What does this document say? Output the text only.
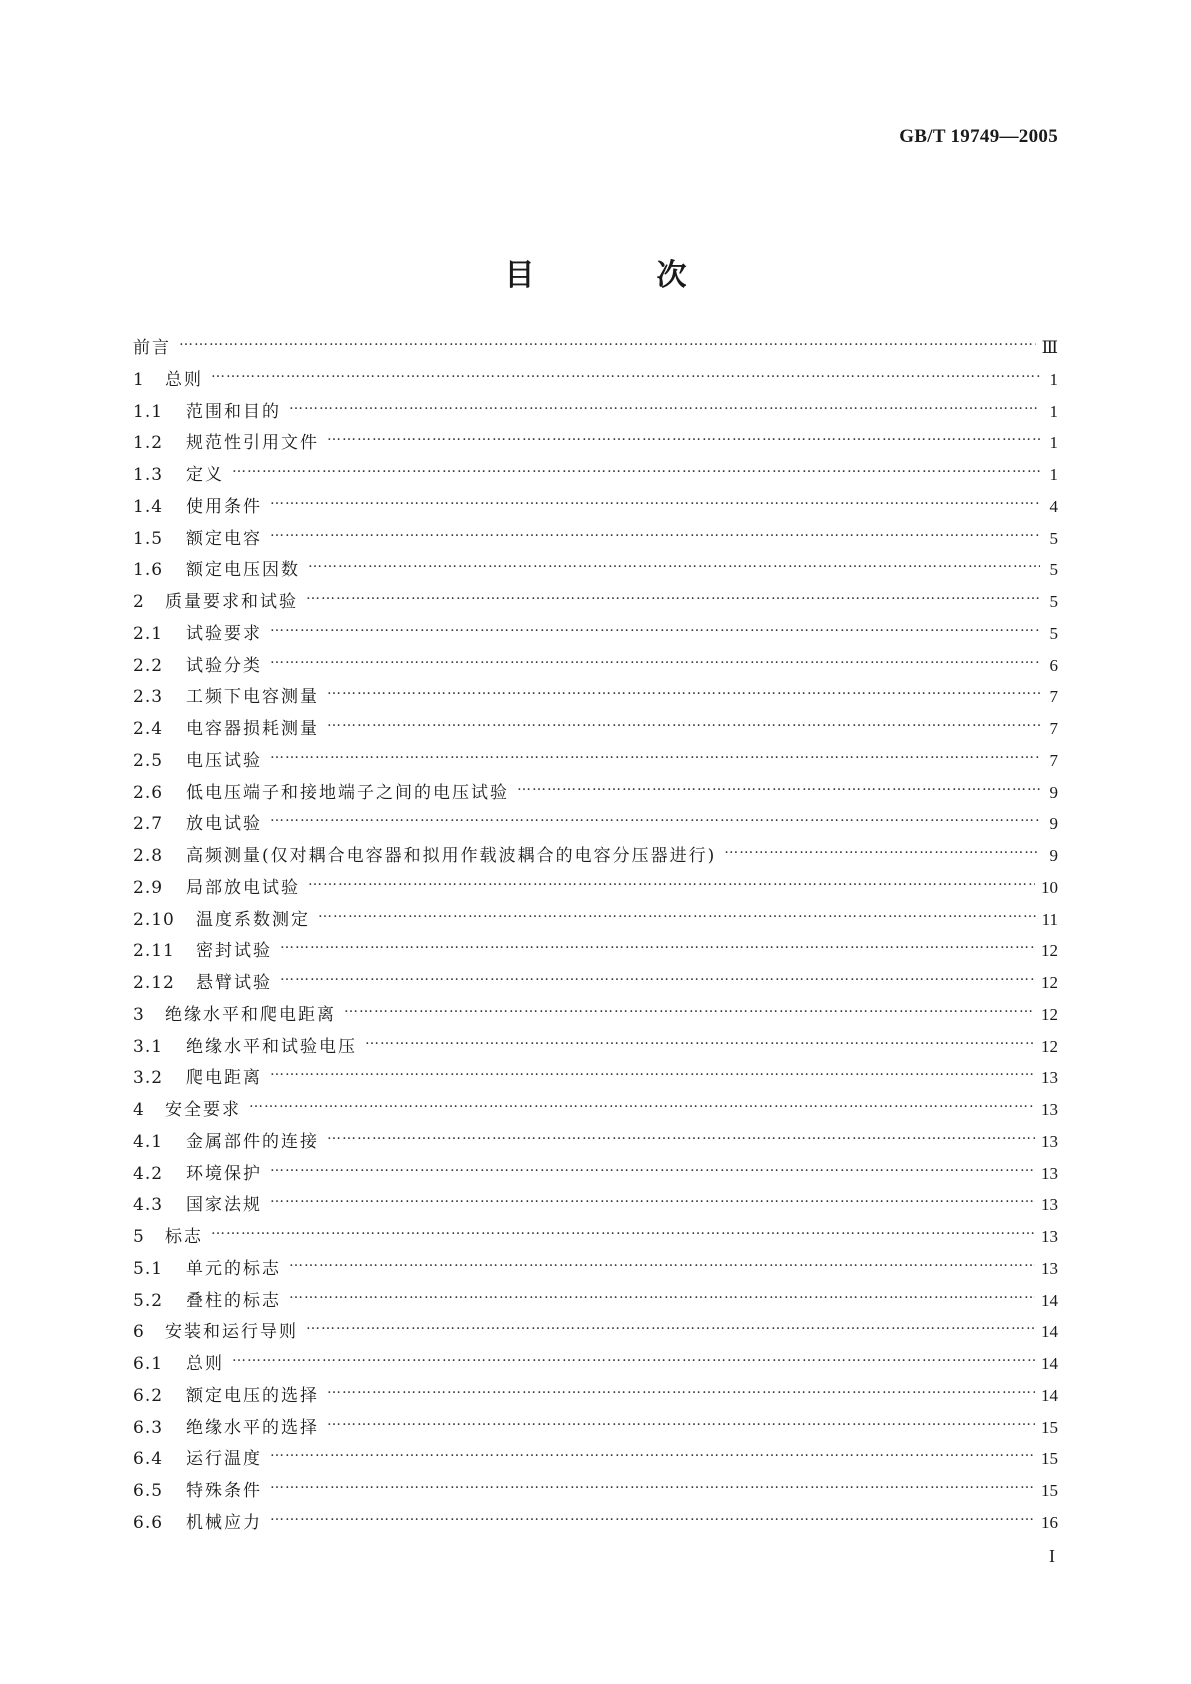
GB/T 19749—2005
目　次
前言 ……………………………………………………………………………………………………………………………………………………………………………………………………………………………………	Ⅲ
1	总则 ……………………………………………………………………………………………………………………………………………………………………………………………………………………………………	1
1.1	范围和目的 ……………………………………………………………………………………………………………………………………………………………………………………………………………………………………	1
1.2	规范性引用文件 ……………………………………………………………………………………………………………………………………………………………………………………………………………………………………	1
1.3	定义 ……………………………………………………………………………………………………………………………………………………………………………………………………………………………………	1
1.4	使用条件 ……………………………………………………………………………………………………………………………………………………………………………………………………………………………………	4
1.5	额定电容 ……………………………………………………………………………………………………………………………………………………………………………………………………………………………………	5
1.6	额定电压因数 ……………………………………………………………………………………………………………………………………………………………………………………………………………………………………	5
2	质量要求和试验 ……………………………………………………………………………………………………………………………………………………………………………………………………………………………………	5
2.1	试验要求 ……………………………………………………………………………………………………………………………………………………………………………………………………………………………………	5
2.2	试验分类 ……………………………………………………………………………………………………………………………………………………………………………………………………………………………………	6
2.3	工频下电容测量 ……………………………………………………………………………………………………………………………………………………………………………………………………………………………………	7
2.4	电容器损耗测量 ……………………………………………………………………………………………………………………………………………………………………………………………………………………………………	7
2.5	电压试验 ……………………………………………………………………………………………………………………………………………………………………………………………………………………………………	7
2.6	低电压端子和接地端子之间的电压试验 ……………………………………………………………………………………………………………………………………………………………………………………………………………………………………	9
2.7	放电试验 ……………………………………………………………………………………………………………………………………………………………………………………………………………………………………	9
2.8	高频测量(仅对耦合电容器和拟用作载波耦合的电容分压器进行) ……………………………………………………………………………………………………………………………………………………………………………………………………………………………………	9
2.9	局部放电试验 ……………………………………………………………………………………………………………………………………………………………………………………………………………………………………	10
2.10	温度系数测定 ……………………………………………………………………………………………………………………………………………………………………………………………………………………………………	11
2.11	密封试验 ……………………………………………………………………………………………………………………………………………………………………………………………………………………………………	12
2.12	悬臂试验 ……………………………………………………………………………………………………………………………………………………………………………………………………………………………………	12
3	绝缘水平和爬电距离 ……………………………………………………………………………………………………………………………………………………………………………………………………………………………………	12
3.1	绝缘水平和试验电压 ……………………………………………………………………………………………………………………………………………………………………………………………………………………………………	12
3.2	爬电距离 ……………………………………………………………………………………………………………………………………………………………………………………………………………………………………	13
4	安全要求 ……………………………………………………………………………………………………………………………………………………………………………………………………………………………………	13
4.1	金属部件的连接 ……………………………………………………………………………………………………………………………………………………………………………………………………………………………………	13
4.2	环境保护 ……………………………………………………………………………………………………………………………………………………………………………………………………………………………………	13
4.3	国家法规 ……………………………………………………………………………………………………………………………………………………………………………………………………………………………………	13
5	标志 ……………………………………………………………………………………………………………………………………………………………………………………………………………………………………	13
5.1	单元的标志 ……………………………………………………………………………………………………………………………………………………………………………………………………………………………………	13
5.2	叠柱的标志 ……………………………………………………………………………………………………………………………………………………………………………………………………………………………………	14
6	安装和运行导则 ……………………………………………………………………………………………………………………………………………………………………………………………………………………………………	14
6.1	总则 ……………………………………………………………………………………………………………………………………………………………………………………………………………………………………	14
6.2	额定电压的选择 ……………………………………………………………………………………………………………………………………………………………………………………………………………………………………	14
6.3	绝缘水平的选择 ……………………………………………………………………………………………………………………………………………………………………………………………………………………………………	15
6.4	运行温度 ……………………………………………………………………………………………………………………………………………………………………………………………………………………………………	15
6.5	特殊条件 ……………………………………………………………………………………………………………………………………………………………………………………………………………………………………	15
6.6	机械应力 ……………………………………………………………………………………………………………………………………………………………………………………………………………………………………	16
I
